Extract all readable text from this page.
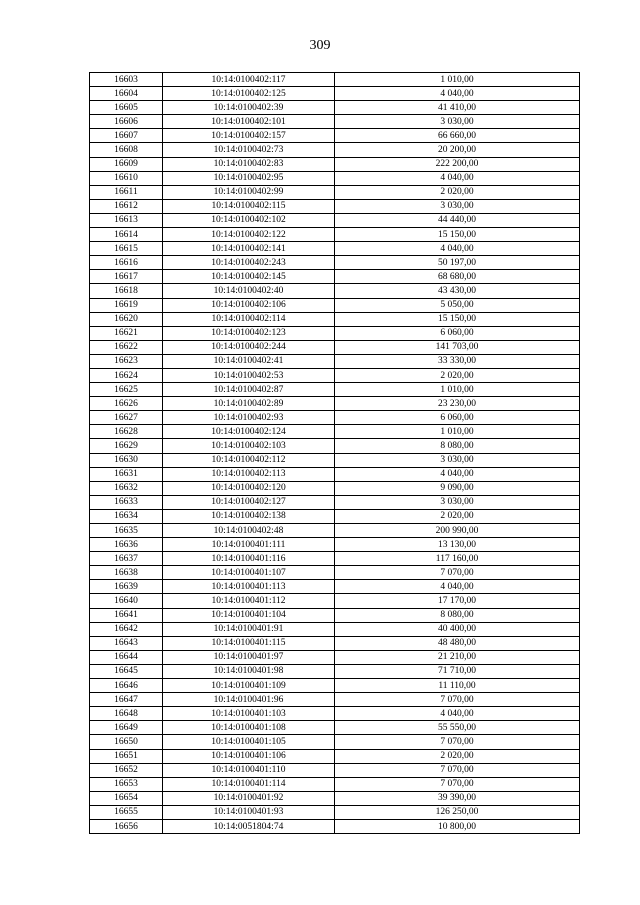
309
16603	10:14:0100402:117	1 010,00
16604	10:14:0100402:125	4 040,00
16605	10:14:0100402:39	41 410,00
16606	10:14:0100402:101	3 030,00
16607	10:14:0100402:157	66 660,00
16608	10:14:0100402:73	20 200,00
16609	10:14:0100402:83	222 200,00
16610	10:14:0100402:95	4 040,00
16611	10:14:0100402:99	2 020,00
16612	10:14:0100402:115	3 030,00
16613	10:14:0100402:102	44 440,00
16614	10:14:0100402:122	15 150,00
16615	10:14:0100402:141	4 040,00
16616	10:14:0100402:243	50 197,00
16617	10:14:0100402:145	68 680,00
16618	10:14:0100402:40	43 430,00
16619	10:14:0100402:106	5 050,00
16620	10:14:0100402:114	15 150,00
16621	10:14:0100402:123	6 060,00
16622	10:14:0100402:244	141 703,00
16623	10:14:0100402:41	33 330,00
16624	10:14:0100402:53	2 020,00
16625	10:14:0100402:87	1 010,00
16626	10:14:0100402:89	23 230,00
16627	10:14:0100402:93	6 060,00
16628	10:14:0100402:124	1 010,00
16629	10:14:0100402:103	8 080,00
16630	10:14:0100402:112	3 030,00
16631	10:14:0100402:113	4 040,00
16632	10:14:0100402:120	9 090,00
16633	10:14:0100402:127	3 030,00
16634	10:14:0100402:138	2 020,00
16635	10:14:0100402:48	200 990,00
16636	10:14:0100401:111	13 130,00
16637	10:14:0100401:116	117 160,00
16638	10:14:0100401:107	7 070,00
16639	10:14:0100401:113	4 040,00
16640	10:14:0100401:112	17 170,00
16641	10:14:0100401:104	8 080,00
16642	10:14:0100401:91	40 400,00
16643	10:14:0100401:115	48 480,00
16644	10:14:0100401:97	21 210,00
16645	10:14:0100401:98	71 710,00
16646	10:14:0100401:109	11 110,00
16647	10:14:0100401:96	7 070,00
16648	10:14:0100401:103	4 040,00
16649	10:14:0100401:108	55 550,00
16650	10:14:0100401:105	7 070,00
16651	10:14:0100401:106	2 020,00
16652	10:14:0100401:110	7 070,00
16653	10:14:0100401:114	7 070,00
16654	10:14:0100401:92	39 390,00
16655	10:14:0100401:93	126 250,00
16656	10:14:0051804:74	10 800,00
